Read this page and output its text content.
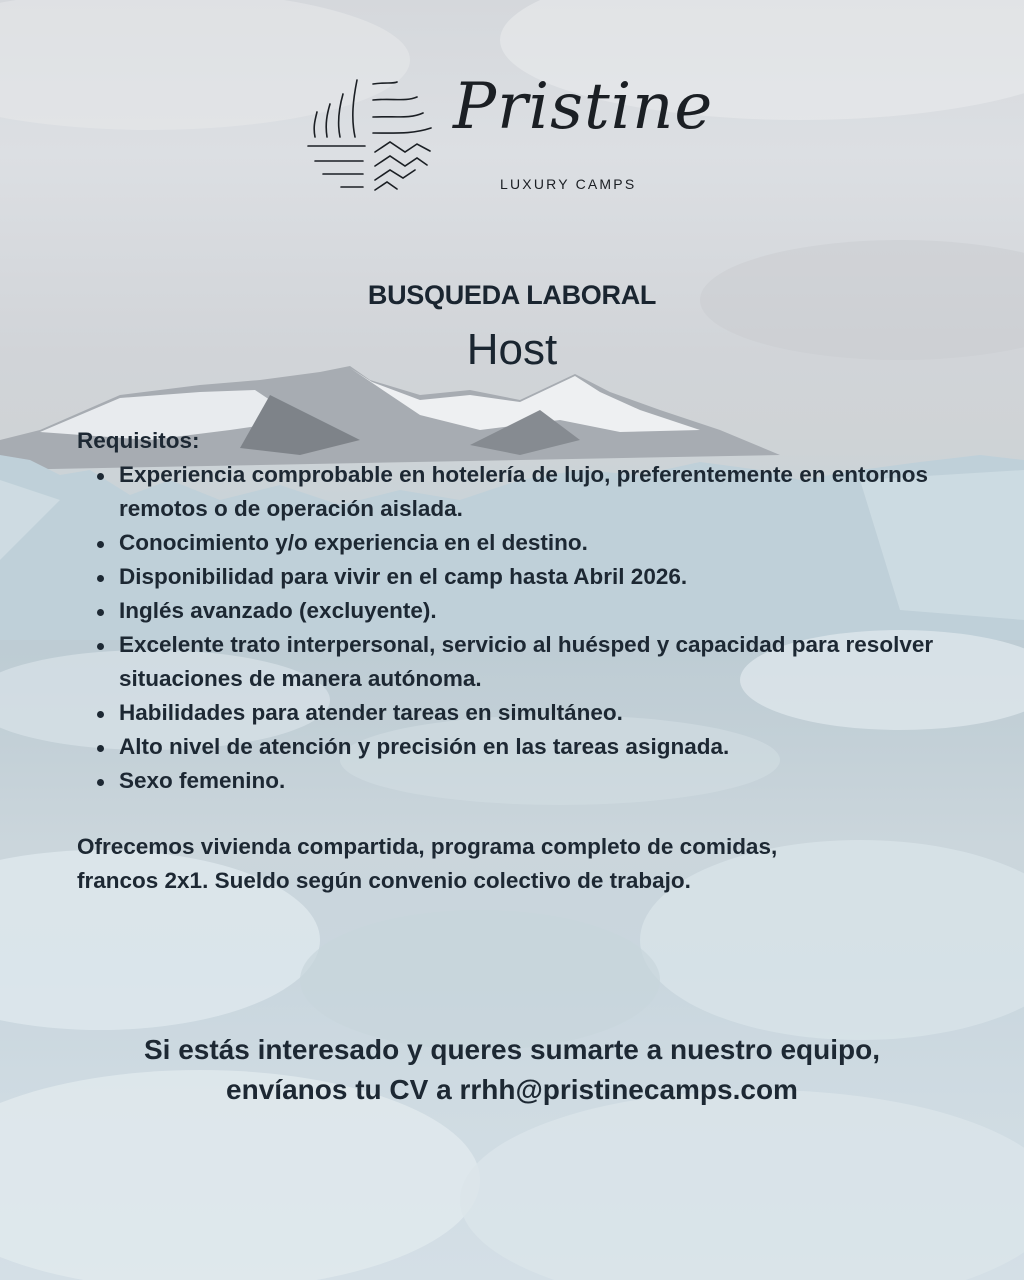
Pristine
LUXURY CAMPS
BUSQUEDA LABORAL
Host
Requisitos:
Experiencia comprobable en hotelería de lujo, preferentemente en entornos remotos o de operación aislada.
Conocimiento y/o experiencia en el destino.
Disponibilidad para vivir en el camp hasta Abril 2026.
Inglés avanzado (excluyente).
Excelente trato interpersonal, servicio al huésped y capacidad para resolver situaciones de manera autónoma.
Habilidades para atender tareas en simultáneo.
Alto nivel de atención y precisión en las tareas asignada.
Sexo femenino.
Ofrecemos vivienda compartida, programa completo de comidas,
francos 2x1. Sueldo según convenio colectivo de trabajo.
Si estás interesado y queres sumarte a nuestro equipo,
envíanos tu CV a rrhh@pristinecamps.com
